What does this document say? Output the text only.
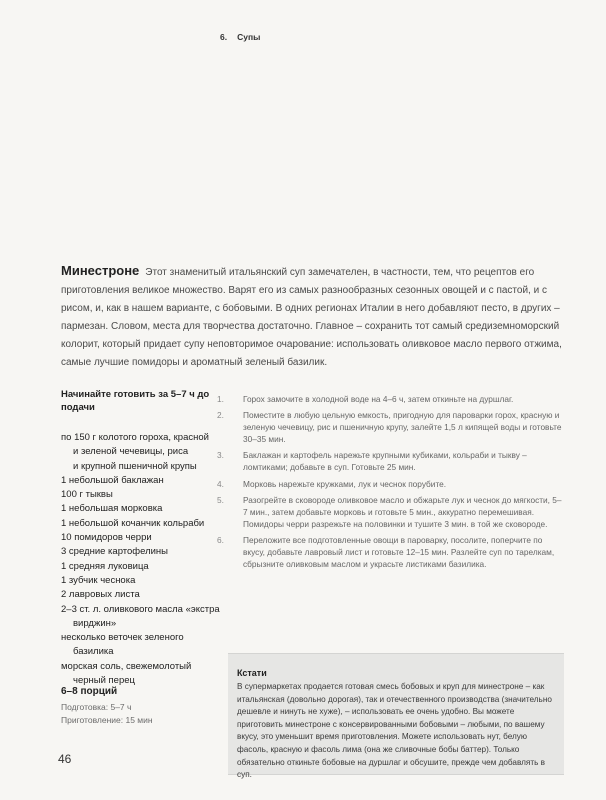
6. Супы
Минестроне Этот знаменитый итальянский суп замечателен, в частности, тем, что рецептов его приготовления великое множество. Варят его из самых разнообразных сезонных овощей и с пастой, и с рисом, и, как в нашем варианте, с бобовыми. В одних регионах Италии в него добавляют песто, в других – пармезан. Словом, места для творчества достаточно. Главное – сохранить тот самый средиземноморский колорит, который придает супу неповторимое очарование: использовать оливковое масло первого отжима, самые лучшие помидоры и ароматный зеленый базилик.
Начинайте готовить за 5–7 ч до подачи
по 150 г колотого гороха, красной
и зеленой чечевицы, риса
и крупной пшеничной крупы
1 небольшой баклажан
100 г тыквы
1 небольшая морковка
1 небольшой кочанчик кольраби
10 помидоров черри
3 средние картофелины
1 средняя луковица
1 зубчик чеснока
2 лавровых листа
2–3 ст. л. оливкового масла «экстра
вирджин»
несколько веточек зеленого
базилика
морская соль, свежемолотый
черный перец
6–8 порций
Подготовка: 5–7 ч
Приготовление: 15 мин
46
1. Горох замочите в холодной воде на 4–6 ч, затем откиньте на дуршлаг.
2. Поместите в любую цельную емкость, пригодную для пароварки горох, красную и зеленую чечевицу, рис и пшеничную крупу, залейте 1,5 л кипящей воды и готовьте 30–35 мин.
3. Баклажан и картофель нарежьте крупными кубиками, кольраби и тыкву – ломтиками; добавьте в суп. Готовьте 25 мин.
4. Морковь нарежьте кружками, лук и чеснок порубите.
5. Разогрейте в сковороде оливковое масло и обжарьте лук и чеснок до мягкости, 5–7 мин., затем добавьте морковь и готовьте 5 мин., аккуратно перемешивая. Помидоры черри разрежьте на половинки и тушите 3 мин. в той же сковороде.
6. Переложите все подготовленные овощи в пароварку, посолите, поперчите по вкусу, добавьте лавровый лист и готовьте 12–15 мин. Разлейте суп по тарелкам, сбрызните оливковым маслом и украсьте листиками базилика.
Кстати
В супермаркетах продается готовая смесь бобовых и круп для минестроне – как итальянская (довольно дорогая), так и отечественного производства (значительно дешевле и нинуть не хуже), – использовать ее очень удобно. Вы можете приготовить минестроне с консервированными бобовыми – любыми, по вашему вкусу, это уменьшит время приготовления. Можете использовать нут, белую фасоль, красную и фасоль лима (она же сливочные бобы баттер). Только обязательно откиньте бобовые на дуршлаг и обсушите, прежде чем добавлять в суп.
